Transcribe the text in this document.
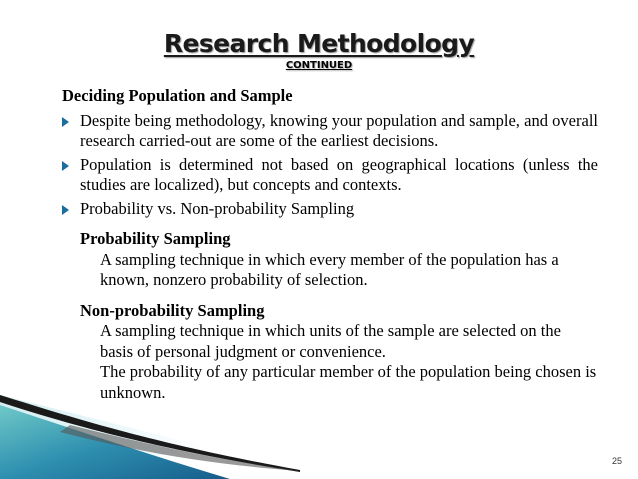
Research Methodology
CONTINUED
Deciding Population and Sample
Despite being methodology, knowing your population and sample, and overall research carried-out are some of the earliest decisions.
Population is determined not based on geographical locations (unless the studies are localized), but concepts and contexts.
Probability vs. Non-probability Sampling
Probability Sampling
A sampling technique in which every member of the population has a known, nonzero probability of selection.
Non-probability Sampling
A sampling technique in which units of the sample are selected on the basis of personal judgment or convenience.
The probability of any particular member of the population being chosen is unknown.
25
